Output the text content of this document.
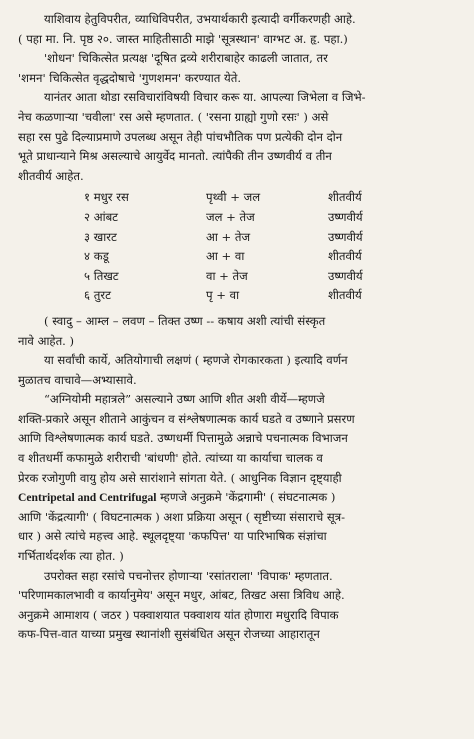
याशिवाय हेतुविपरीत, व्याधिविपरीत, उभयार्थकारी इत्यादी वर्गीकरणही आहे.

( पहा मा. नि. पृष्ठ २०. जास्त माहितीसाठी माझे 'सूत्रस्थान' वाग्भट अ. हृ. पहा.)

'शोधन' चिकित्सेत प्रत्यक्ष 'दूषित द्रव्ये शरीराबाहेर काढली जातात, तर

'शमन' चिकित्सेत वृद्धदोषाचे 'गुणशमन' करण्यात येते.

यानंतर आता थोडा रसविचारांविषयी विचार करू या. आपल्या जिभेला व जिभे-

नेच कळणाऱ्या 'चवीला' रस असे म्हणतात. ( 'रसना ग्राह्यो गुणो रसः' ) असे

सहा रस पुढे दिल्याप्रमाणे उपलब्ध असून तेही पांचभौतिक पण प्रत्येकी दोन दोन

भूते प्राधान्याने मिश्र असल्याचे आयुर्वेद मानतो. त्यांपैकी तीन उष्णवीर्य व तीन

शीतवीर्य आहेत.

१ मधुर रस	पृथ्वी + जल	शीतवीर्य
२ आंबट	जल + तेज	उष्णवीर्य
३ खारट	आ + तेज	उष्णवीर्य
४ कडू	आ + वा	शीतवीर्य
५ तिखट	वा + तेज	उष्णवीर्य
६ तुरट	पृ + वा	शीतवीर्य

( स्वादु – आम्ल – लवण – तिक्त उष्ण -- कषाय अशी त्यांची संस्कृत

नावे आहेत. )

या सर्वांची कार्ये, अतियोगाची लक्षणं ( म्हणजे रोगकारकता ) इत्यादि वर्णन

मुळातच वाचावे—अभ्यासावे.

“अग्नियोमी महात्रले” असल्याने उष्ण आणि शीत अशी वीर्ये—म्हणजे

शक्ति-प्रकारे असून शीताने आकुंचन व संश्लेषणात्मक कार्य घडते व उष्णाने प्रसरण

आणि विश्लेषणात्मक कार्य घडते. उष्णधर्मी पित्तामुळे अन्नाचे पचनात्मक विभाजन

व शीतधर्मी कफामुळे शरीराची 'बांधणी' होते. त्यांच्या या कार्याचा चालक व

प्रेरक रजोगुणी वायु होय असे सारांशाने सांगता येते. ( आधुनिक विज्ञान दृष्ट्याही

Centripetal and Centrifugal म्हणजे अनुक्रमे 'केंद्रगामी' ( संघटनात्मक )

आणि 'केंद्रत्यागी' ( विघटनात्मक ) अशा प्रक्रिया असून ( सृष्टीच्या संसाराचे सूत्र-

धार ) असे त्यांचे महत्त्व आहे. स्थूलदृष्ट्या 'कफपित्त' या पारिभाषिक संज्ञांचा

गर्भितार्थदर्शक त्या होत. )

उपरोक्त सहा रसांचे पचनोत्तर होणाऱ्या 'रसांतराला' 'विपाक' म्हणतात.

'परिणामकालभावी व कार्यानुमेय' असून मधुर, आंबट, तिखट असा त्रिविध आहे.

अनुक्रमे आमाशय ( जठर ) पक्वाशयात पक्वाशय यांत होणारा मधुरादि विपाक

कफ-पित्त-वात याच्या प्रमुख स्थानांशी सुसंबंधित असून रोजच्या आहारातून
